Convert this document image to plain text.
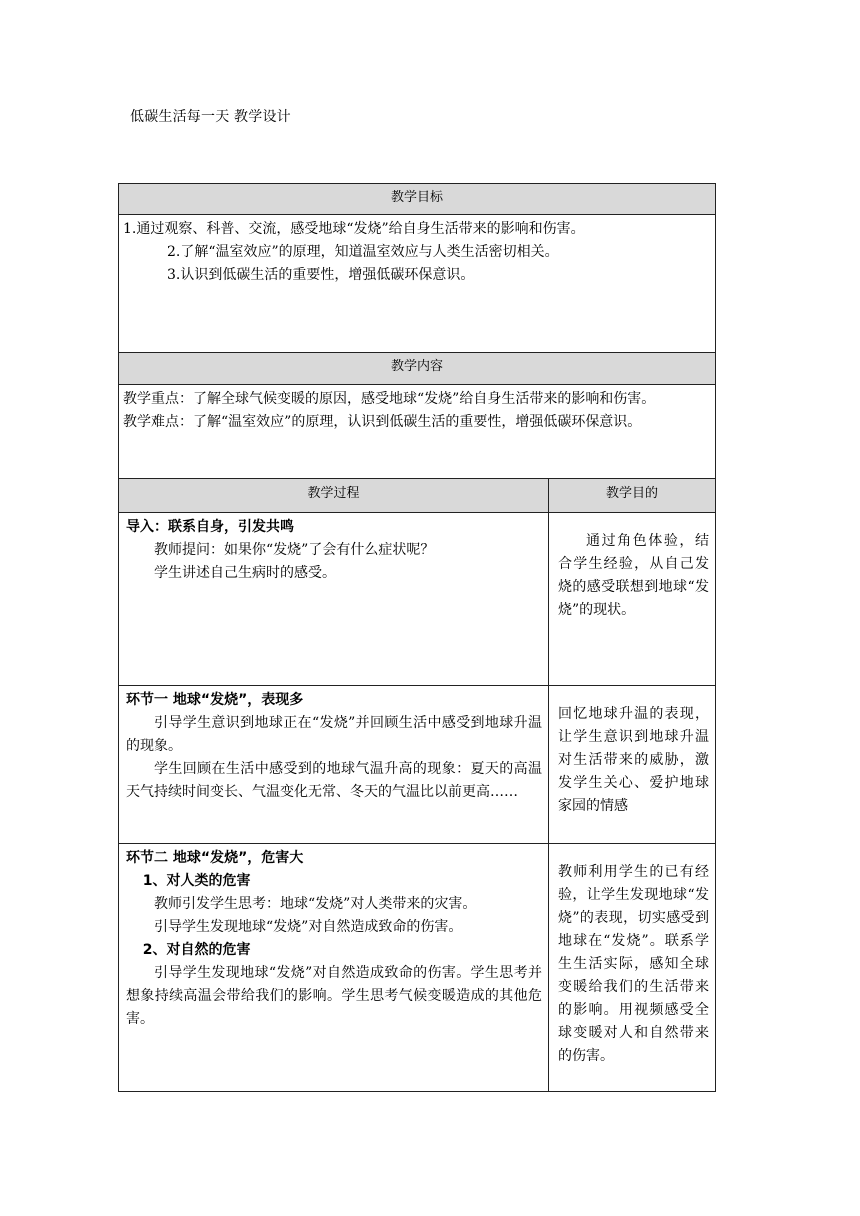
低碳生活每一天 教学设计
教学目标

1.通过观察、科普、交流，感受地球“发烧”给自身生活带来的影响和伤害。

2.了解“温室效应”的原理，知道温室效应与人类生活密切相关。

3.认识到低碳生活的重要性，增强低碳环保意识。

教学内容

教学重点：了解全球气候变暖的原因，感受地球“发烧”给自身生活带来的影响和伤害。

教学难点：了解“温室效应”的原理，认识到低碳生活的重要性，增强低碳环保意识。

教学过程	教学目的

导入：联系自身，引发共鸣

教师提问：如果你“发烧”了会有什么症状呢？

学生讲述自己生病时的感受。

通过角色体验，结合学生经验，从自己发烧的感受联想到地球“发烧”的现状。

环节一 地球“发烧”，表现多

引导学生意识到地球正在“发烧”并回顾生活中感受到地球升温的现象。

学生回顾在生活中感受到的地球气温升高的现象：夏天的高温天气持续时间变长、气温变化无常、冬天的气温比以前更高……

回忆地球升温的表现，让学生意识到地球升温对生活带来的威胁，激发学生关心、爱护地球家园的情感

环节二 地球“发烧”，危害大

1、对人类的危害

教师引发学生思考：地球“发烧”对人类带来的灾害。

引导学生发现地球“发烧”对自然造成致命的伤害。

2、对自然的危害

引导学生发现地球“发烧”对自然造成致命的伤害。学生思考并想象持续高温会带给我们的影响。学生思考气候变暖造成的其他危害。

教师利用学生的已有经验，让学生发现地球“发烧”的表现，切实感受到地球在“发烧”。联系学生生活实际，感知全球变暖给我们的生活带来的影响。用视频感受全球变暖对人和自然带来的伤害。
